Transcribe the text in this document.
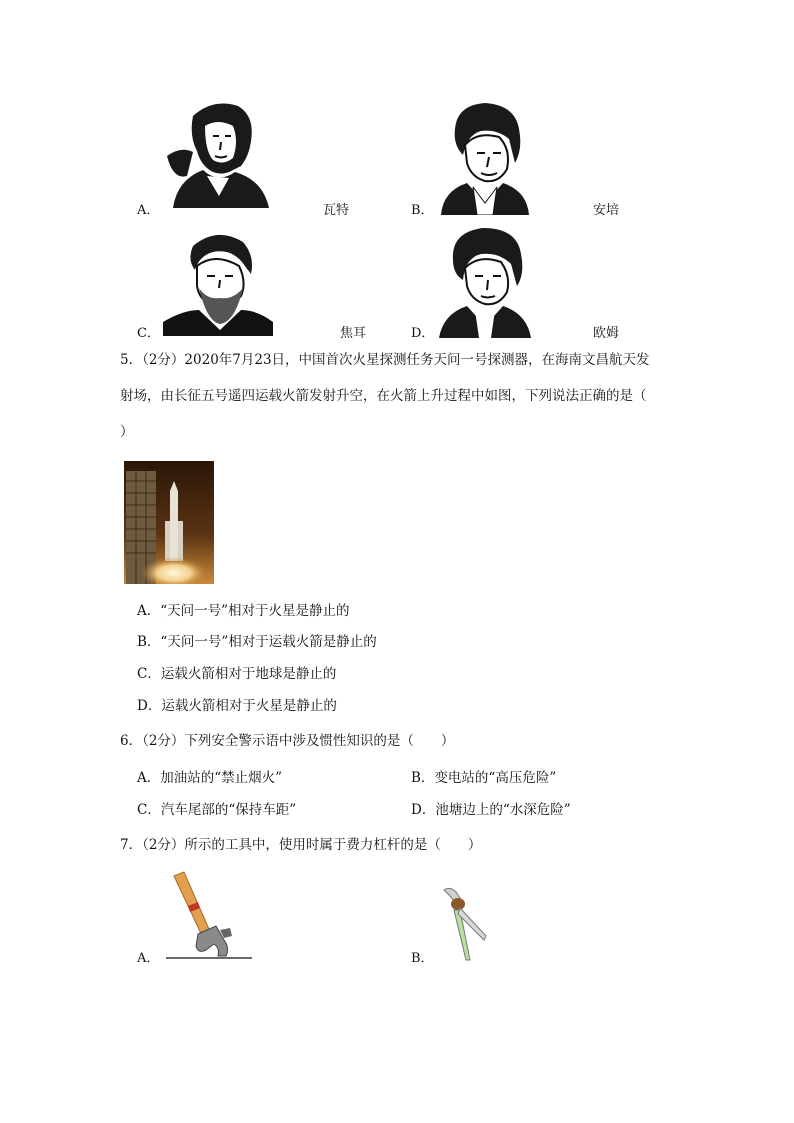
A．	瓦特	B．	安培
C．	焦耳	D．	欧姆
5．（2分）2020年7月23日，中国首次火星探测任务天问一号探测器，在海南文昌航天发
射场，由长征五号遥四运载火箭发射升空，在火箭上升过程中如图，下列说法正确的是（
）
A．“天问一号”相对于火星是静止的
B．“天问一号”相对于运载火箭是静止的
C．运载火箭相对于地球是静止的
D．运载火箭相对于火星是静止的
6．（2分）下列安全警示语中涉及惯性知识的是（　　）
A．加油站的“禁止烟火”	B．变电站的“高压危险”
C．汽车尾部的“保持车距”	D．池塘边上的“水深危险”
7．（2分）所示的工具中，使用时属于费力杠杆的是（　　）
A．	B．
